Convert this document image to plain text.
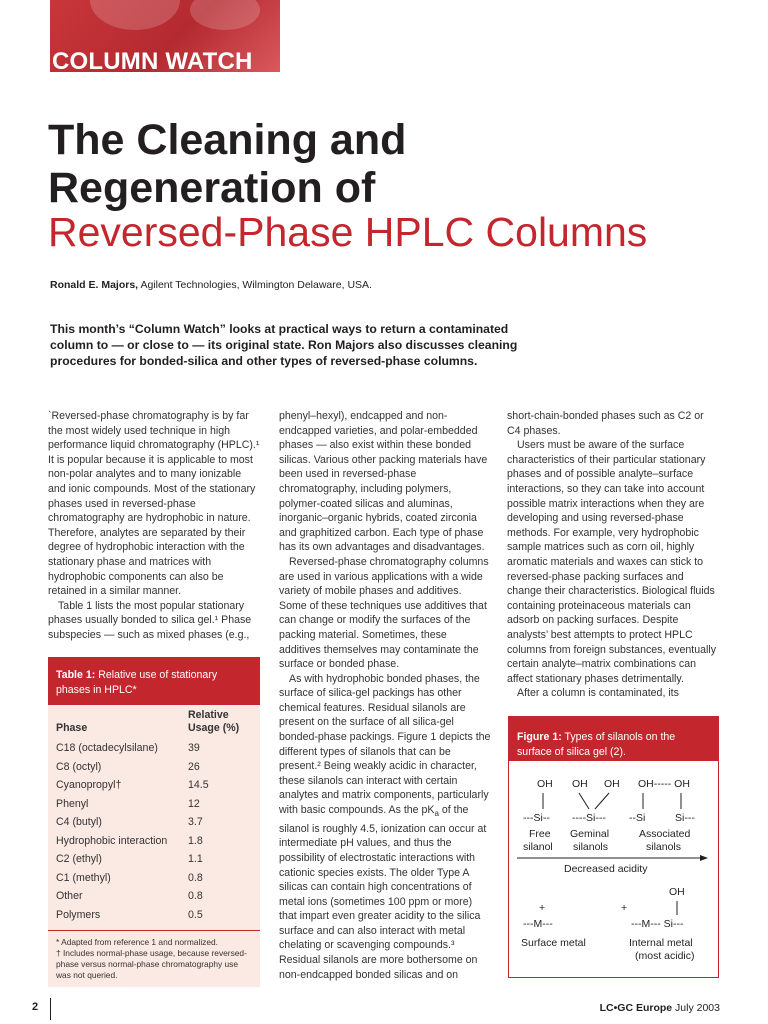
COLUMN WATCH
The Cleaning and
Regeneration of
Reversed-Phase HPLC Columns
Ronald E. Majors, Agilent Technologies, Wilmington Delaware, USA.
This month’s “Column Watch” looks at practical ways to return a contaminated column to — or close to — its original state. Ron Majors also discusses cleaning procedures for bonded-silica and other types of reversed-phase columns.

`Reversed-phase chromatography is by far the most widely used technique in high performance liquid chromatography (HPLC).¹ It is popular because it is applicable to most non-polar analytes and to many ionizable and ionic compounds. Most of the stationary phases used in reversed-phase chromatography are hydrophobic in nature. Therefore, analytes are separated by their degree of hydrophobic interaction with the stationary phase and matrices with hydrophobic components can also be retained in a similar manner.

Table 1 lists the most popular stationary phases usually bonded to silica gel.¹ Phase subspecies — such as mixed phases (e.g.,

Table 1: Relative use of stationary phases in HPLC*
Phase	Relative Usage (%)
C18 (octadecylsilane)	39
C8 (octyl)	26
Cyanopropyl†	14.5
Phenyl	12
C4 (butyl)	3.7
Hydrophobic interaction	1.8
C2 (ethyl)	1.1
C1 (methyl)	0.8
Other	0.8
Polymers	0.5
* Adapted from reference 1 and normalized.
† Includes normal-phase usage, because reversed-phase versus normal-phase chromatography use was not queried.

phenyl–hexyl), endcapped and non-endcapped varieties, and polar-embedded phases — also exist within these bonded silicas. Various other packing materials have been used in reversed-phase chromatography, including polymers, polymer-coated silicas and aluminas, inorganic–organic hybrids, coated zirconia and graphitized carbon. Each type of phase has its own advantages and disadvantages.

Reversed-phase chromatography columns are used in various applications with a wide variety of mobile phases and additives. Some of these techniques use additives that can change or modify the surfaces of the packing material. Sometimes, these additives themselves may contaminate the surface or bonded phase.

As with hydrophobic bonded phases, the surface of silica-gel packings has other chemical features. Residual silanols are present on the surface of all silica-gel bonded-phase packings. Figure 1 depicts the different types of silanols that can be present.² Being weakly acidic in character, these silanols can interact with certain analytes and matrix components, particularly with basic compounds. As the $pK_a$ of the silanol is roughly 4.5, ionization can occur at intermediate pH values, and thus the possibility of electrostatic interactions with cationic species exists. The older Type A silicas can contain high concentrations of metal ions (sometimes 100 ppm or more) that impart even greater acidity to the silica surface and can also interact with metal chelating or scavenging compounds.³ Residual silanols are more bothersome on non-endcapped bonded silicas and on

short-chain-bonded phases such as C2 or C4 phases.

Users must be aware of the surface characteristics of their particular stationary phases and of possible analyte–surface interactions, so they can take into account possible matrix interactions when they are developing and using reversed-phase methods. For example, very hydrophobic sample matrices such as corn oil, highly aromatic materials and waxes can stick to reversed-phase packing surfaces and change their characteristics. Biological fluids containing proteinaceous materials can adsorb on packing surfaces. Despite analysts’ best attempts to protect HPLC columns from foreign substances, eventually certain analyte–matrix combinations can affect stationary phases detrimentally.

After a column is contaminated, its

Figure 1: Types of silanols on the surface of silica gel (2).
OH OH OH OH----- OH
---Si-- ----Si--- --Si	Si---
Free
silanol
Geminal
silanols
Associated
silanols
Decreased acidity
OH
+	+
---M---	---M--- Si---
Surface metal	Internal metal
(most acidic)
2	LC•GC Europe July 2003
